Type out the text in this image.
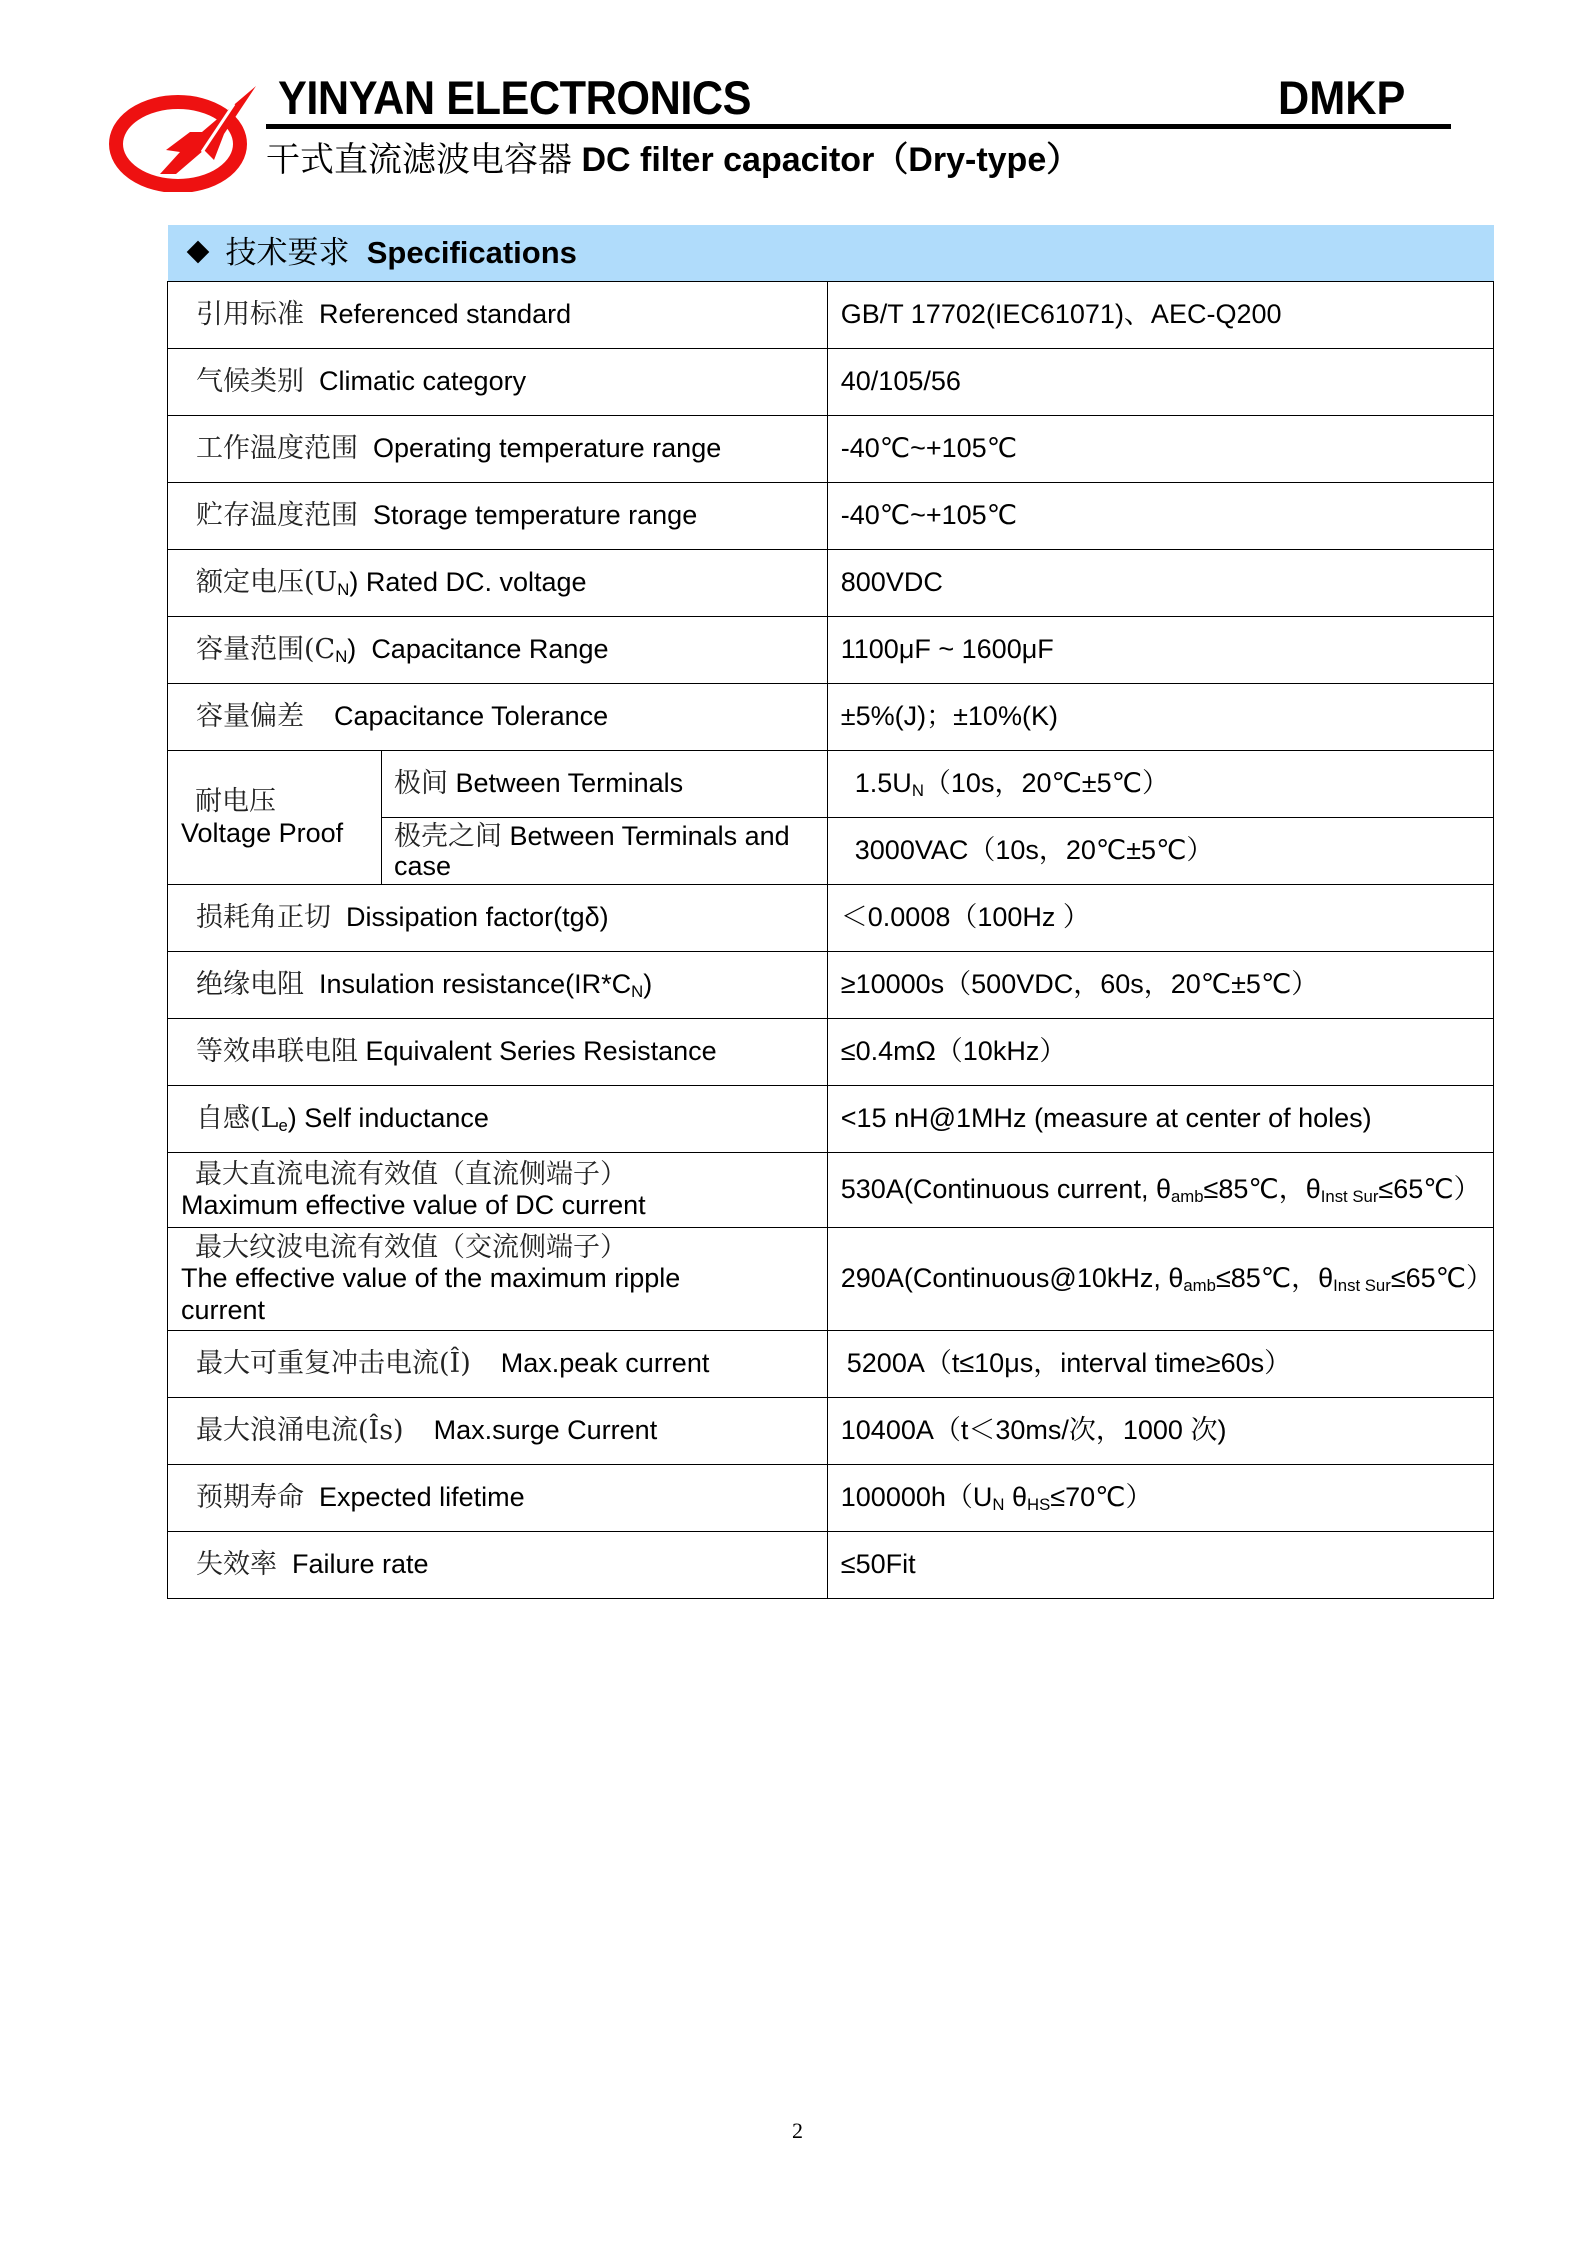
YINYAN ELECTRONICS	DMKP
干式直流滤波电容器 DC filter capacitor（Dry-type）
技术要求 Specifications		
引用标准 Referenced standard		GB/T 17702(IEC61071)、AEC-Q200
气候类别 Climatic category		40/105/56
工作温度范围 Operating temperature range		-40℃~+105℃
贮存温度范围 Storage temperature range		-40℃~+105℃
额定电压$(U_N)$ Rated DC. voltage		800VDC
容量范围$(C_N)$ Capacitance Range		1100μF ~ 1600μF
容量偏差 Capacitance Tolerance		±5%(J)；±10%(K)

耐电压
Voltage Proof	极间 Between Terminals	$1.5U_N(10s$，20℃±5℃）
	极壳之间 Between Terminals and case	3000VAC（10s，20℃±5℃）
损耗角正切 Dissipation factor(tgδ)		＜0.0008（100Hz ）
绝缘电阻 Insulation $resistance(IR*C_N)$		≥10000s（500VDC，60s，20℃±5℃）
等效串联电阻 Equivalent Series Resistance		≤0.4mΩ（10kHz）
自感$(L_e)$ Self inductance		<15 nH@1MHz (measure at center of holes)

最大直流电流有效值（直流侧端子）
Maximum effective value of DC current		530A(Continuous current, $\theta_{amb}\le 85℃$，$\theta_{Inst Sur}\le 65℃$）

最大纹波电流有效值（交流侧端子）
The effective value of the maximum ripple current		290A(Continuous@10kHz, $\theta_{amb}\le 85℃$，$\theta_{Inst Sur}\le 65℃$）
最大可重复冲击电流(Î) Max.peak current		5200A（t≤10μs，interval time≥60s）
最大浪涌电流(Îs) Max.surge Current		10400A（t＜30ms/次，1000 次)
预期寿命 Expected lifetime		$100000h(U_N$ $\theta_{HS}\le 70℃$）
失效率 Failure rate		≤50Fit
2
